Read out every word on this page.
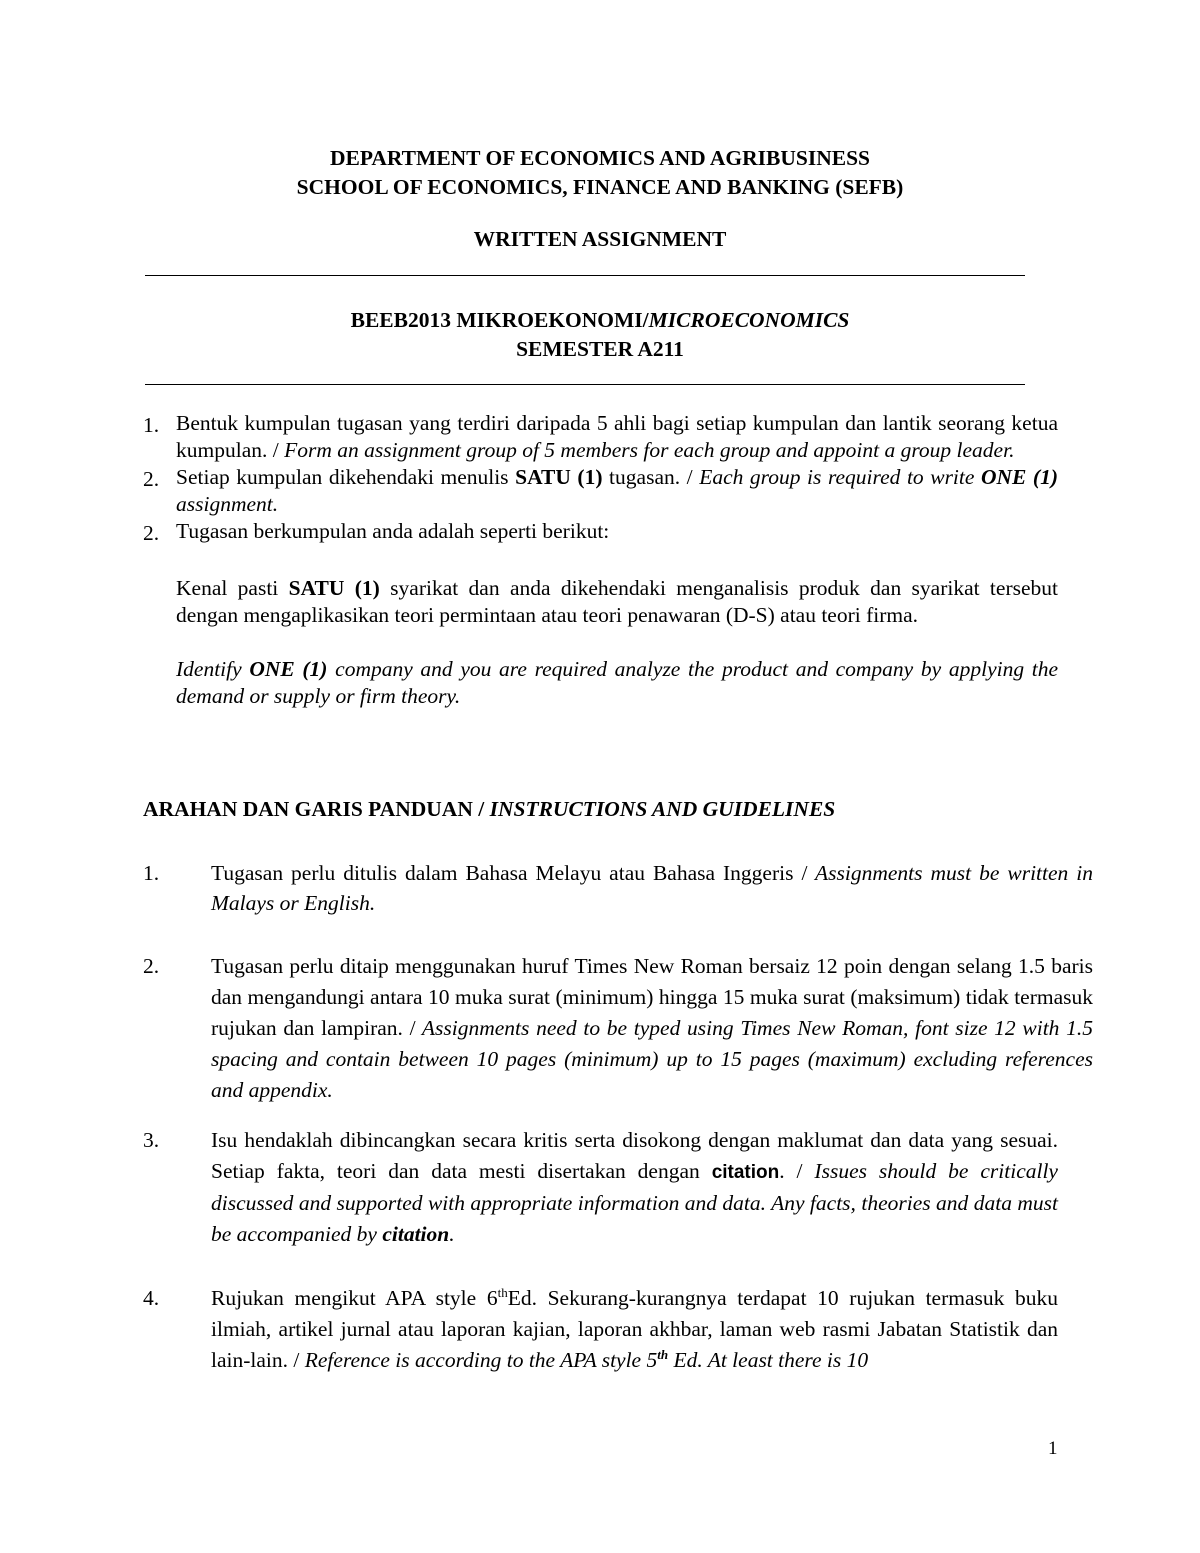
DEPARTMENT OF ECONOMICS AND AGRIBUSINESS
SCHOOL OF ECONOMICS, FINANCE AND BANKING (SEFB)
WRITTEN ASSIGNMENT
BEEB2013 MIKROEKONOMI/MICROECONOMICS
SEMESTER A211
1. Bentuk kumpulan tugasan yang terdiri daripada 5 ahli bagi setiap kumpulan dan lantik seorang ketua kumpulan. / Form an assignment group of 5 members for each group and appoint a group leader.
2. Setiap kumpulan dikehendaki menulis SATU (1) tugasan. / Each group is required to write ONE (1) assignment.
2. Tugasan berkumpulan anda adalah seperti berikut:
Kenal pasti SATU (1) syarikat dan anda dikehendaki menganalisis produk dan syarikat tersebut dengan mengaplikasikan teori permintaan atau teori penawaran (D-S) atau teori firma.
Identify ONE (1) company and you are required analyze the product and company by applying the demand or supply or firm theory.
ARAHAN DAN GARIS PANDUAN / INSTRUCTIONS AND GUIDELINES
1.	Tugasan perlu ditulis dalam Bahasa Melayu atau Bahasa Inggeris / Assignments must be written in Malays or English.
2.	Tugasan perlu ditaip menggunakan huruf Times New Roman bersaiz 12 poin dengan selang 1.5 baris dan mengandungi antara 10 muka surat (minimum) hingga 15 muka surat (maksimum) tidak termasuk rujukan dan lampiran. / Assignments need to be typed using Times New Roman, font size 12 with 1.5 spacing and contain between 10 pages (minimum) up to 15 pages (maximum) excluding references and appendix.
3.	Isu hendaklah dibincangkan secara kritis serta disokong dengan maklumat dan data yang sesuai. Setiap fakta, teori dan data mesti disertakan dengan citation. / Issues should be critically discussed and supported with appropriate information and data. Any facts, theories and data must be accompanied by citation.
4.	Rujukan mengikut APA style 6thEd. Sekurang-kurangnya terdapat 10 rujukan termasuk buku ilmiah, artikel jurnal atau laporan kajian, laporan akhbar, laman web rasmi Jabatan Statistik dan lain-lain. / Reference is according to the APA style 5th Ed. At least there is 10
1
